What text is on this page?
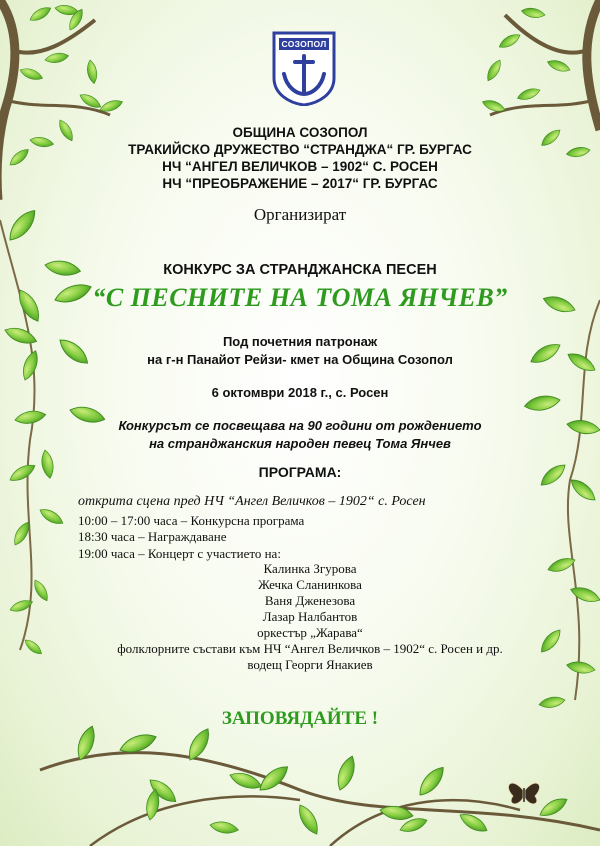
СОЗОПОЛ
ОБЩИНА СОЗОПОЛ
ТРАКИЙСКО ДРУЖЕСТВО “СТРАНДЖА“ ГР. БУРГАС
НЧ “АНГЕЛ ВЕЛИЧКОВ – 1902“ С. РОСЕН
НЧ “ПРЕОБРАЖЕНИЕ – 2017“ ГР. БУРГАС
Организират
КОНКУРС ЗА СТРАНДЖАНСКА ПЕСЕН
“С ПЕСНИТЕ НА ТОМА ЯНЧЕВ”
Под почетния патронаж
на г-н Панайот Рейзи- кмет на Община Созопол
6 октомври 2018 г., с. Росен
Конкурсът се посвещава на 90 години от рождението
на странджанския народен певец Тома Янчев
ПРОГРАМА:
открита сцена пред НЧ “Ангел Величков – 1902“ с. Росен
10:00 – 17:00 часа – Конкурсна програма
18:30 часа – Награждаване
19:00 часа – Концерт с участието на:
Калинка Згурова
Жечка Сланинкова
Ваня Дженезова
Лазар Налбантов
оркестър „Жарава“
фолклорните състави към НЧ “Ангел Величков – 1902“ с. Росен и др.
водещ Георги Янакиев
ЗАПОВЯДАЙТЕ !
